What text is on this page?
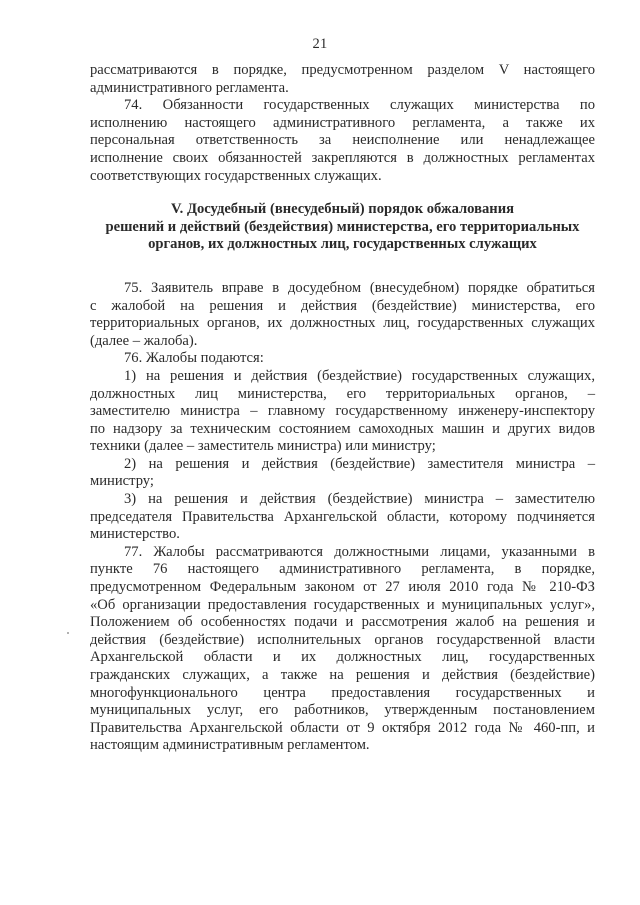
21
рассматриваются в порядке, предусмотренном разделом V настоящего
административного регламента.
74. Обязанности государственных служащих министерства по
исполнению настоящего административного регламента, а также их
персональная ответственность за неисполнение или ненадлежащее
исполнение своих обязанностей закрепляются в должностных регламентах
соответствующих государственных служащих.
V. Досудебный (внесудебный) порядок обжалования
решений и действий (бездействия) министерства, его территориальных
органов, их должностных лиц, государственных служащих
75. Заявитель вправе в досудебном (внесудебном) порядке обратиться
с жалобой на решения и действия (бездействие) министерства, его
территориальных органов, их должностных лиц, государственных служащих
(далее – жалоба).
76. Жалобы подаются:
1) на решения и действия (бездействие) государственных служащих,
должностных лиц министерства, его территориальных органов, –
заместителю министра – главному государственному инженеру-инспектору
по надзору за техническим состоянием самоходных машин и других видов
техники (далее – заместитель министра) или министру;
2) на решения и действия (бездействие) заместителя министра –
министру;
3) на решения и действия (бездействие) министра – заместителю
председателя Правительства Архангельской области, которому подчиняется
министерство.
77. Жалобы рассматриваются должностными лицами, указанными в
пункте 76 настоящего административного регламента, в порядке,
предусмотренном Федеральным законом от 27 июля 2010 года № 210-ФЗ
«Об организации предоставления государственных и муниципальных услуг»,
Положением об особенностях подачи и рассмотрения жалоб на решения и
действия (бездействие) исполнительных органов государственной власти
Архангельской области и их должностных лиц, государственных
гражданских служащих, а также на решения и действия (бездействие)
многофункционального центра предоставления государственных и
муниципальных услуг, его работников, утвержденным постановлением
Правительства Архангельской области от 9 октября 2012 года № 460-пп, и
настоящим административным регламентом.
